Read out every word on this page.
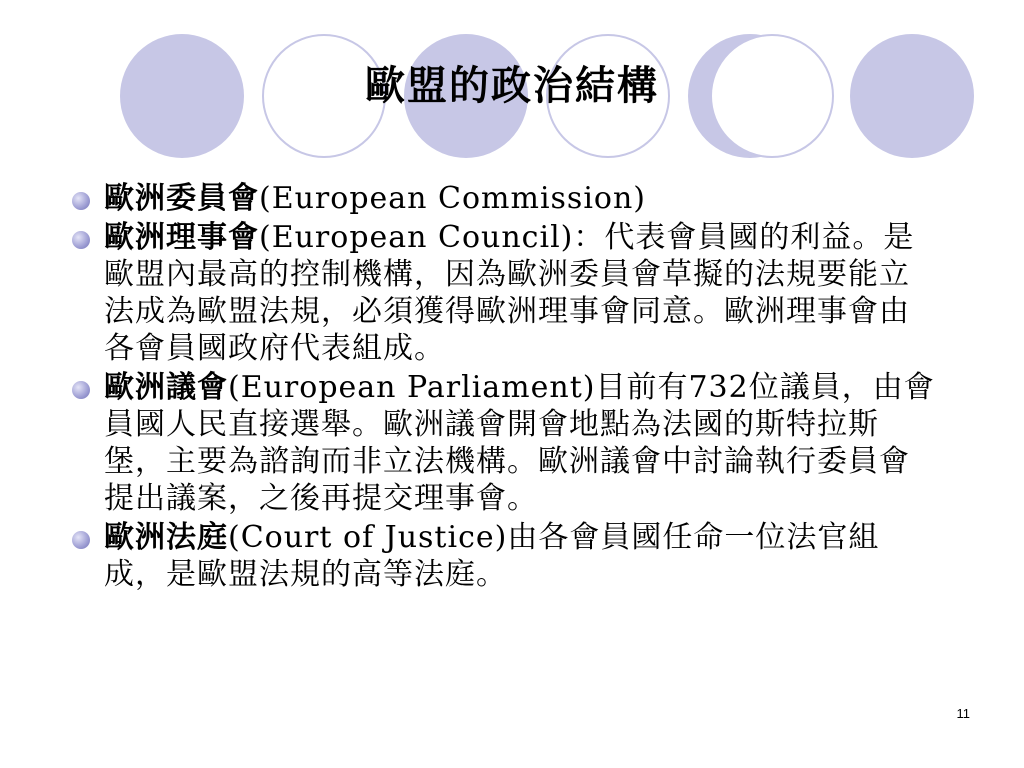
歐盟的政治結構
歐洲委員會(European Commission)
歐洲理事會(European Council)：代表會員國的利益。是歐盟內最高的控制機構，因為歐洲委員會草擬的法規要能立法成為歐盟法規，必須獲得歐洲理事會同意。歐洲理事會由各會員國政府代表組成。
歐洲議會(European Parliament)目前有732位議員，由會員國人民直接選舉。歐洲議會開會地點為法國的斯特拉斯堡，主要為諮詢而非立法機構。歐洲議會中討論執行委員會提出議案，之後再提交理事會。
歐洲法庭(Court of Justice)由各會員國任命一位法官組成，是歐盟法規的高等法庭。
11
